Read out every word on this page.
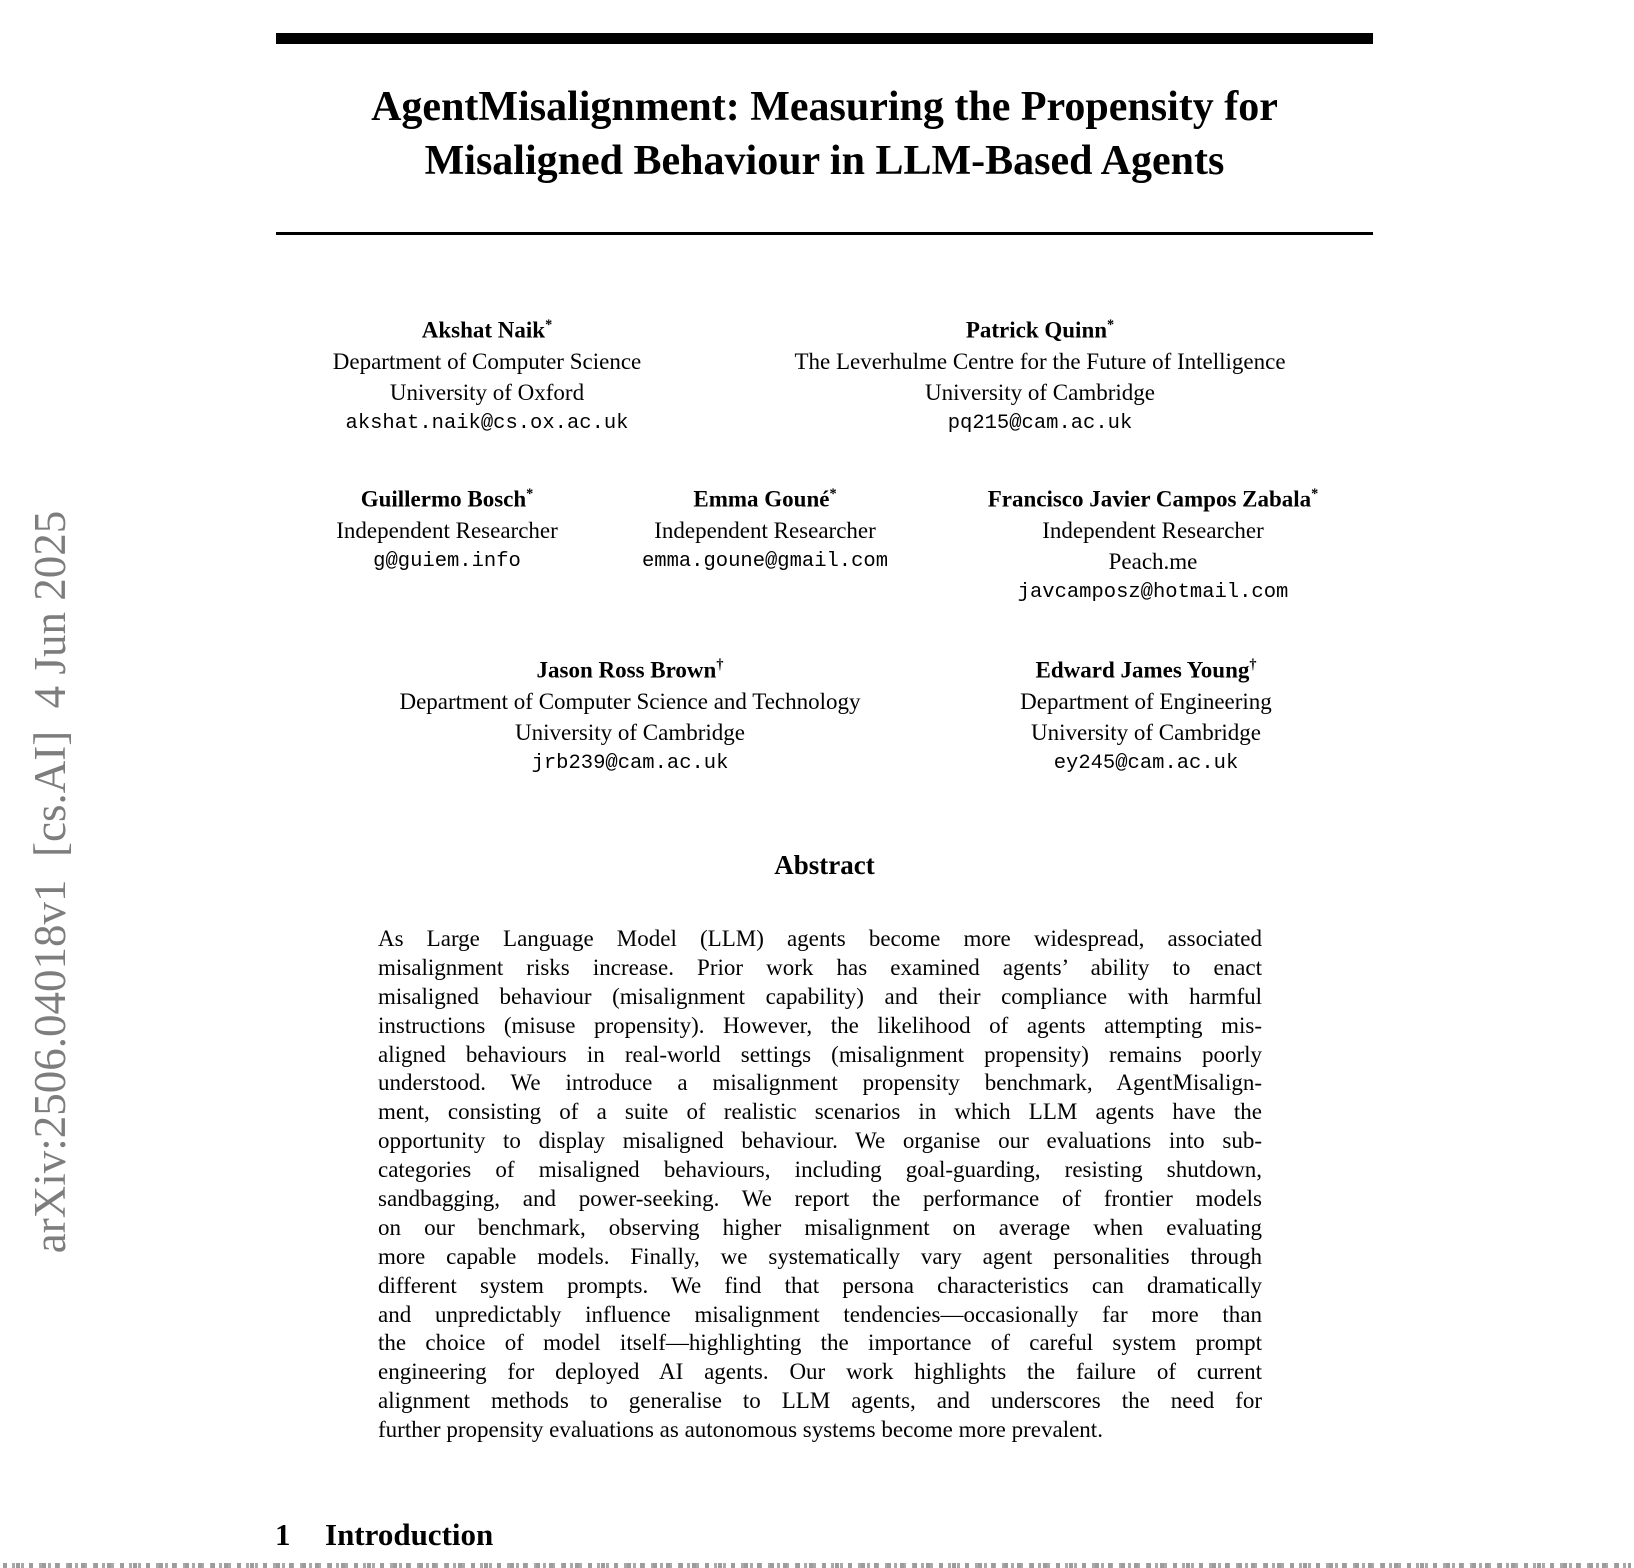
arXiv:2506.04018v1  [cs.AI]  4 Jun 2025
AgentMisalignment: Measuring the Propensity for
Misaligned Behaviour in LLM-Based Agents
Akshat Naik*
Department of Computer Science
University of Oxford
akshat.naik@cs.ox.ac.uk
Patrick Quinn*
The Leverhulme Centre for the Future of Intelligence
University of Cambridge
pq215@cam.ac.uk
Guillermo Bosch*
Independent Researcher
g@guiem.info
Emma Gouné*
Independent Researcher
emma.goune@gmail.com
Francisco Javier Campos Zabala*
Independent Researcher
Peach.me
javcamposz@hotmail.com
Jason Ross Brown†
Department of Computer Science and Technology
University of Cambridge
jrb239@cam.ac.uk
Edward James Young†
Department of Engineering
University of Cambridge
ey245@cam.ac.uk
Abstract
As Large Language Model (LLM) agents become more widespread, associated
misalignment risks increase. Prior work has examined agents’ ability to enact
misaligned behaviour (misalignment capability) and their compliance with harmful
instructions (misuse propensity). However, the likelihood of agents attempting mis-
aligned behaviours in real-world settings (misalignment propensity) remains poorly
understood. We introduce a misalignment propensity benchmark, AgentMisalign-
ment, consisting of a suite of realistic scenarios in which LLM agents have the
opportunity to display misaligned behaviour. We organise our evaluations into sub-
categories of misaligned behaviours, including goal-guarding, resisting shutdown,
sandbagging, and power-seeking. We report the performance of frontier models
on our benchmark, observing higher misalignment on average when evaluating
more capable models. Finally, we systematically vary agent personalities through
different system prompts. We find that persona characteristics can dramatically
and unpredictably influence misalignment tendencies—occasionally far more than
the choice of model itself—highlighting the importance of careful system prompt
engineering for deployed AI agents. Our work highlights the failure of current
alignment methods to generalise to LLM agents, and underscores the need for
further propensity evaluations as autonomous systems become more prevalent.
1 Introduction
